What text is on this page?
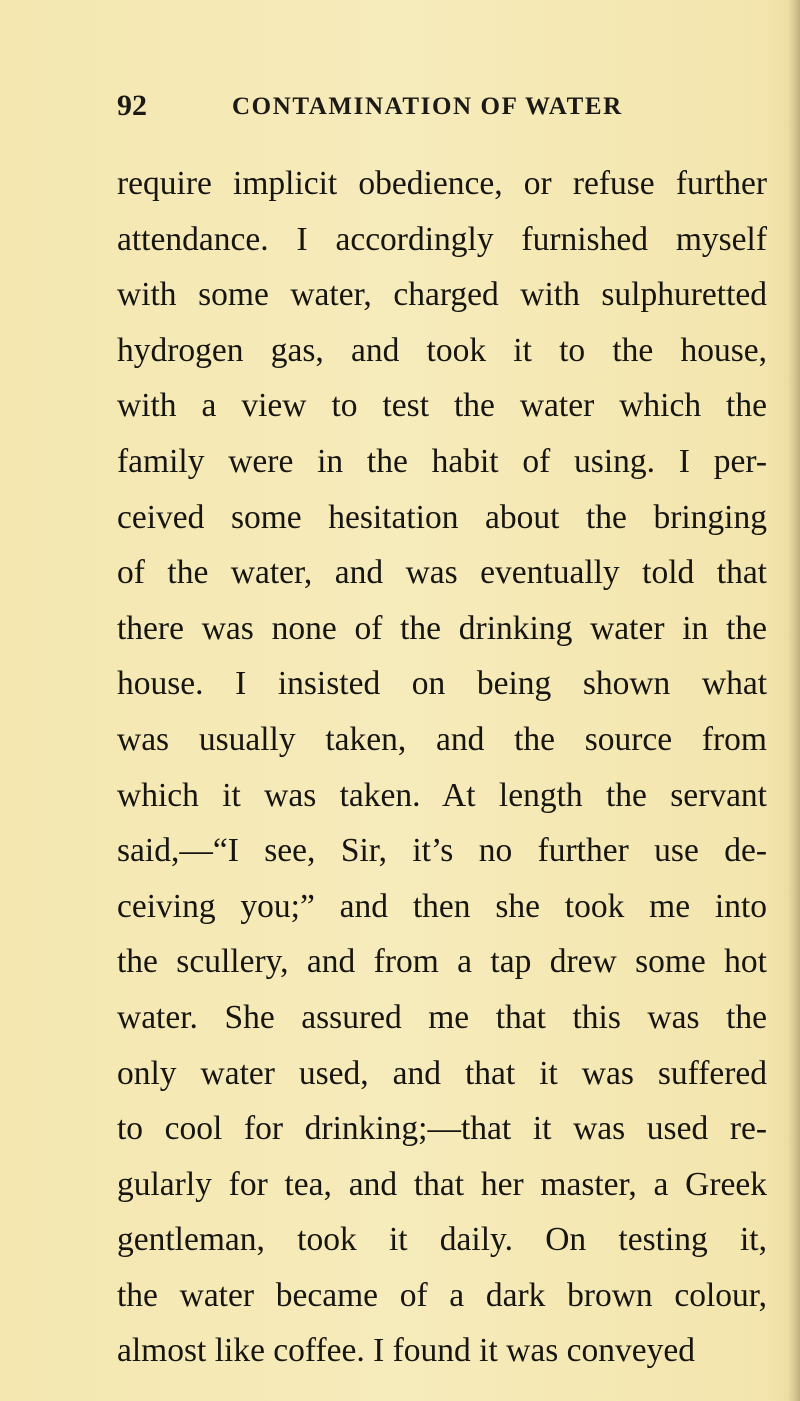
92	CONTAMINATION OF WATER
require implicit obedience, or refuse further
attendance. I accordingly furnished myself
with some water, charged with sulphuretted
hydrogen gas, and took it to the house,
with a view to test the water which the
family were in the habit of using. I per-
ceived some hesitation about the bringing
of the water, and was eventually told that
there was none of the drinking water in the
house. I insisted on being shown what
was usually taken, and the source from
which it was taken. At length the servant
said,—“I see, Sir, it’s no further use de-
ceiving you;” and then she took me into
the scullery, and from a tap drew some hot
water. She assured me that this was the
only water used, and that it was suffered
to cool for drinking;—that it was used re-
gularly for tea, and that her master, a Greek
gentleman, took it daily. On testing it,
the water became of a dark brown colour,
almost like coffee. I found it was conveyed
